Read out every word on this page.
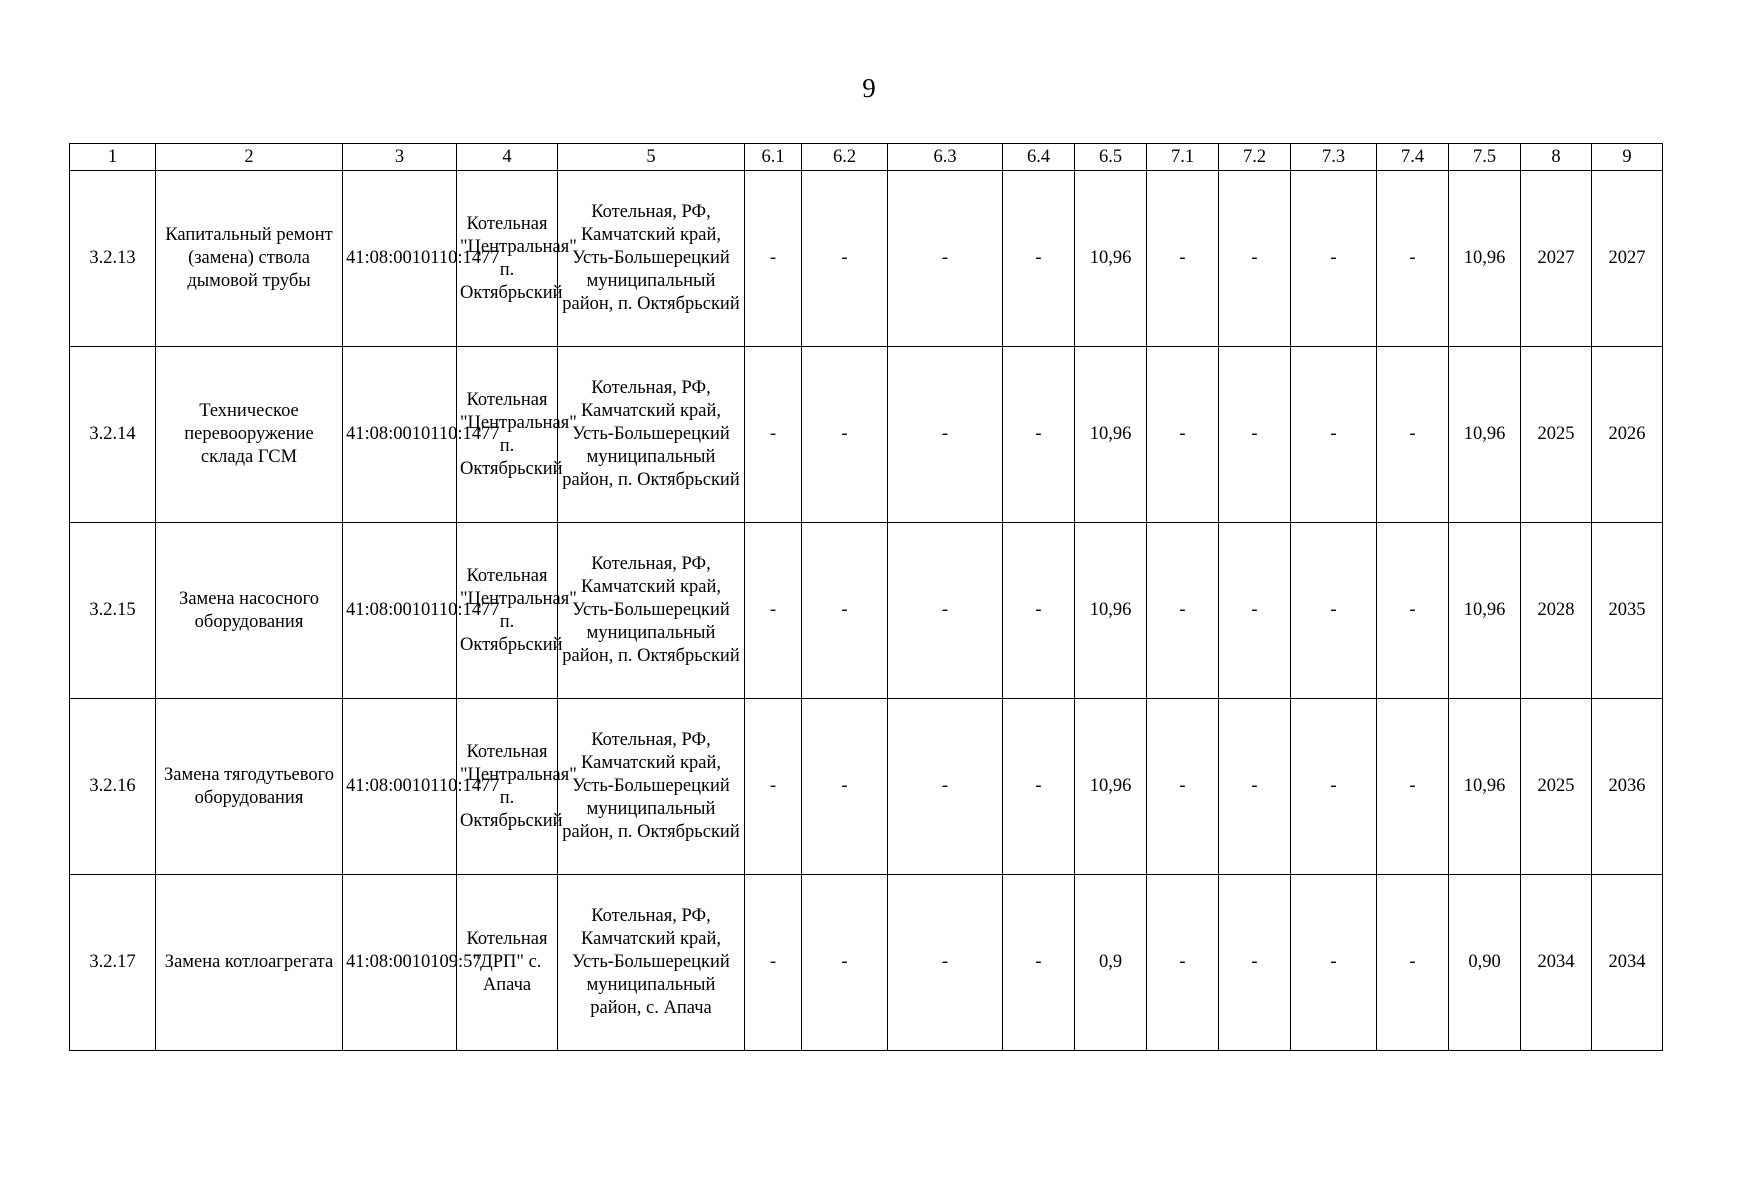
9
1	2	3	4	5	6.1	6.2	6.3	6.4	6.5	7.1	7.2	7.3	7.4	7.5	8	9
3.2.13	Капитальный ремонт (замена) ствола дымовой трубы	41:08:0010110:1477	Котельная "Центральная" п. Октябрьский	Котельная, РФ, Камчатский край, Усть-Большерецкий муниципальный район, п. Октябрьский	-	-	-	-	10,96	-	-	-	-	10,96	2027	2027
3.2.14	Техническое перевооружение склада ГСМ	41:08:0010110:1477	Котельная "Центральная" п. Октябрьский	Котельная, РФ, Камчатский край, Усть-Большерецкий муниципальный район, п. Октябрьский	-	-	-	-	10,96	-	-	-	-	10,96	2025	2026
3.2.15	Замена насосного оборудования	41:08:0010110:1477	Котельная "Центральная" п. Октябрьский	Котельная, РФ, Камчатский край, Усть-Большерецкий муниципальный район, п. Октябрьский	-	-	-	-	10,96	-	-	-	-	10,96	2028	2035
3.2.16	Замена тягодутьевого оборудования	41:08:0010110:1477	Котельная "Центральная" п. Октябрьский	Котельная, РФ, Камчатский край, Усть-Большерецкий муниципальный район, п. Октябрьский	-	-	-	-	10,96	-	-	-	-	10,96	2025	2036
3.2.17	Замена котлоагрегата	41:08:0010109:57	Котельная "ДРП" с. Апача	Котельная, РФ, Камчатский край, Усть-Большерецкий муниципальный район, с. Апача	-	-	-	-	0,9	-	-	-	-	0,90	2034	2034
